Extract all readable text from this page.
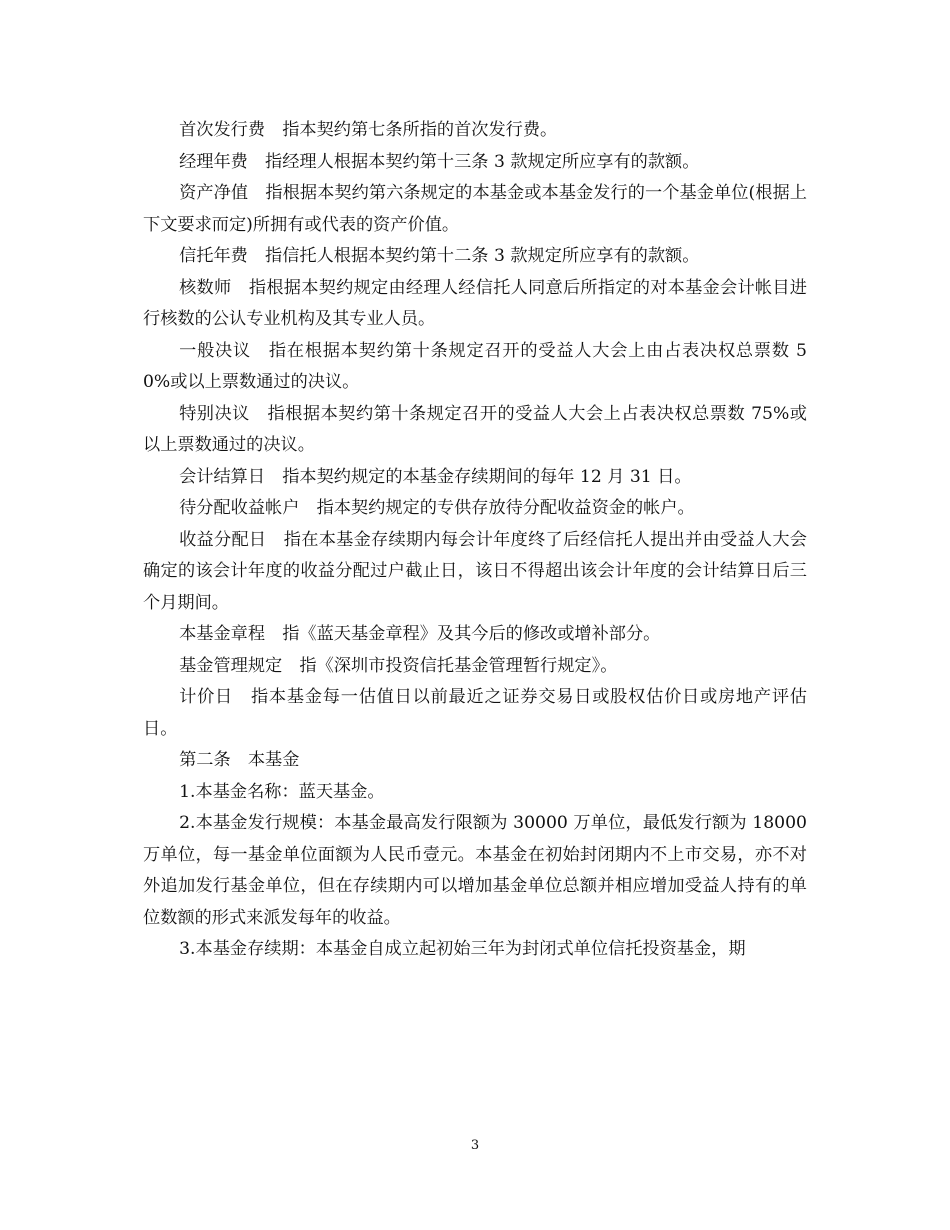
首次发行费　指本契约第七条所指的首次发行费。

经理年费　指经理人根据本契约第十三条 3 款规定所应享有的款额。

资产净值　指根据本契约第六条规定的本基金或本基金发行的一个基金单位(根据上下文要求而定)所拥有或代表的资产价值。

信托年费　指信托人根据本契约第十二条 3 款规定所应享有的款额。

核数师　指根据本契约规定由经理人经信托人同意后所指定的对本基金会计帐目进行核数的公认专业机构及其专业人员。

一般决议　指在根据本契约第十条规定召开的受益人大会上由占表决权总票数 50%或以上票数通过的决议。

特别决议　指根据本契约第十条规定召开的受益人大会上占表决权总票数 75%或以上票数通过的决议。

会计结算日　指本契约规定的本基金存续期间的每年 12 月 31 日。

待分配收益帐户　指本契约规定的专供存放待分配收益资金的帐户。

收益分配日　指在本基金存续期内每会计年度终了后经信托人提出并由受益人大会确定的该会计年度的收益分配过户截止日，该日不得超出该会计年度的会计结算日后三个月期间。

本基金章程　指《蓝天基金章程》及其今后的修改或增补部分。

基金管理规定　指《深圳市投资信托基金管理暂行规定》。

计价日　指本基金每一估值日以前最近之证券交易日或股权估价日或房地产评估日。

第二条　本基金

1.本基金名称：蓝天基金。

2.本基金发行规模：本基金最高发行限额为 30000 万单位，最低发行额为 18000 万单位，每一基金单位面额为人民币壹元。本基金在初始封闭期内不上市交易，亦不对外追加发行基金单位，但在存续期内可以增加基金单位总额并相应增加受益人持有的单位数额的形式来派发每年的收益。

3.本基金存续期：本基金自成立起初始三年为封闭式单位信托投资基金，期

3
